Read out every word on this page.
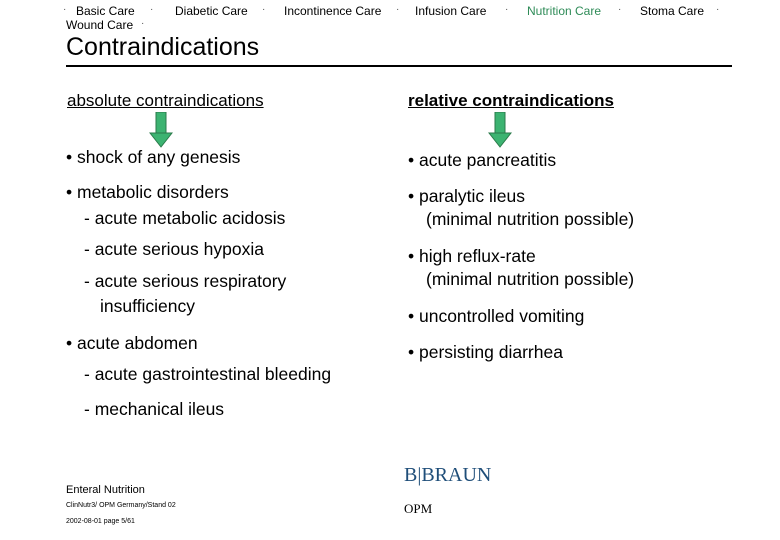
· Basic Care · Diabetic Care · Incontinence Care · Infusion Care · Nutrition Care · Stoma Care ·
Wound Care ·
Contraindications
absolute contraindications
• shock of any genesis
• metabolic disorders
- acute metabolic acidosis
- acute serious hypoxia
- acute serious respiratory
insufficiency
• acute abdomen
- acute gastrointestinal bleeding
- mechanical ileus
relative contraindications
• acute pancreatitis
• paralytic ileus
(minimal nutrition possible)
• high reflux-rate
(minimal nutrition possible)
• uncontrolled vomiting
• persisting diarrhea
Enteral Nutrition
ClinNutr3/ OPM Germany/Stand 02
2002-08-01 page 5/61
B|BRAUN
OPM
